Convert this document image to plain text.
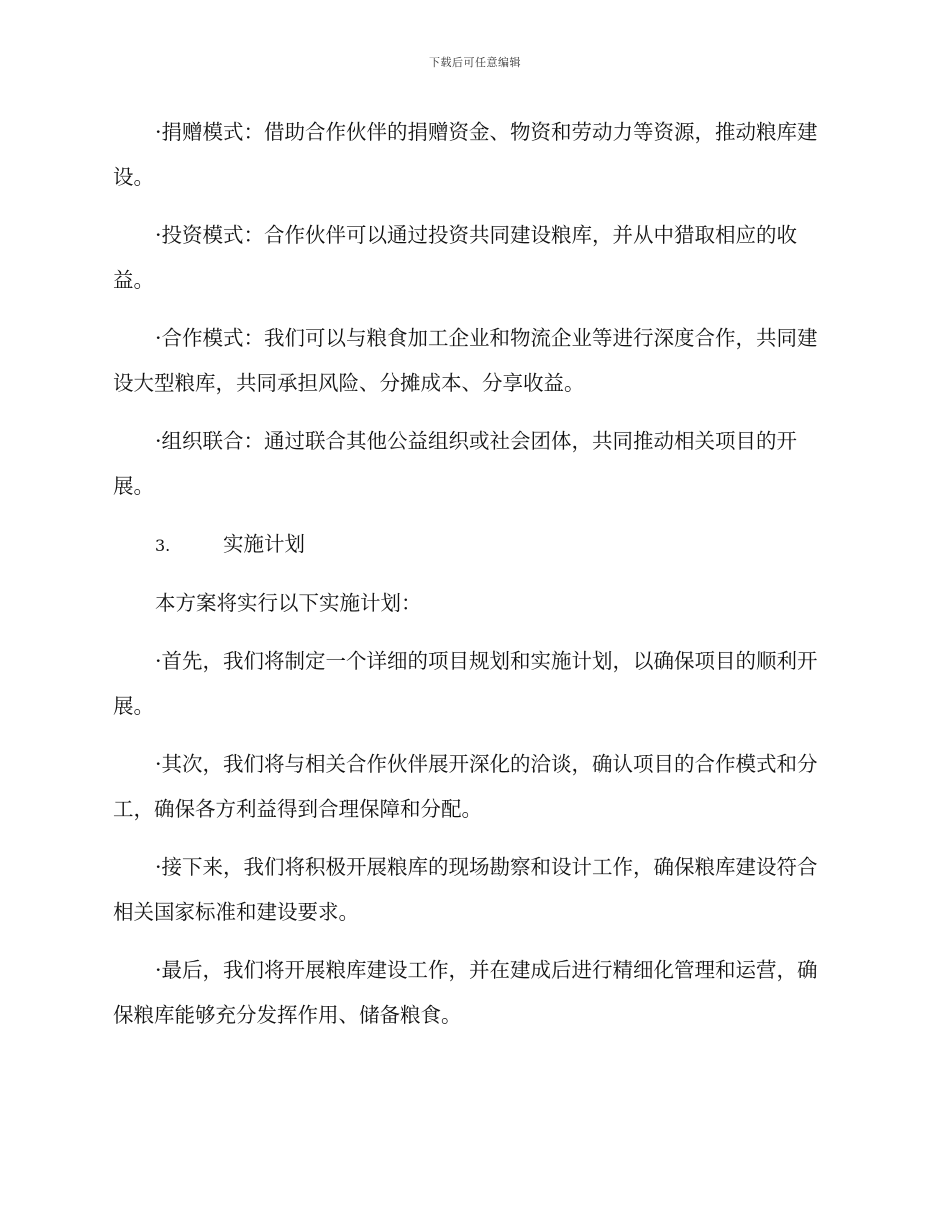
下载后可任意编辑

·捐赠模式：借助合作伙伴的捐赠资金、物资和劳动力等资源，推动粮库建设。

·投资模式：合作伙伴可以通过投资共同建设粮库，并从中猎取相应的收益。

·合作模式：我们可以与粮食加工企业和物流企业等进行深度合作，共同建设大型粮库，共同承担风险、分摊成本、分享收益。

·组织联合：通过联合其他公益组织或社会团体，共同推动相关项目的开展。

3.	实施计划

本方案将实行以下实施计划：

·首先，我们将制定一个详细的项目规划和实施计划，以确保项目的顺利开展。

·其次，我们将与相关合作伙伴展开深化的洽谈，确认项目的合作模式和分工，确保各方利益得到合理保障和分配。

·接下来，我们将积极开展粮库的现场勘察和设计工作，确保粮库建设符合相关国家标准和建设要求。

·最后，我们将开展粮库建设工作，并在建成后进行精细化管理和运营，确保粮库能够充分发挥作用、储备粮食。
